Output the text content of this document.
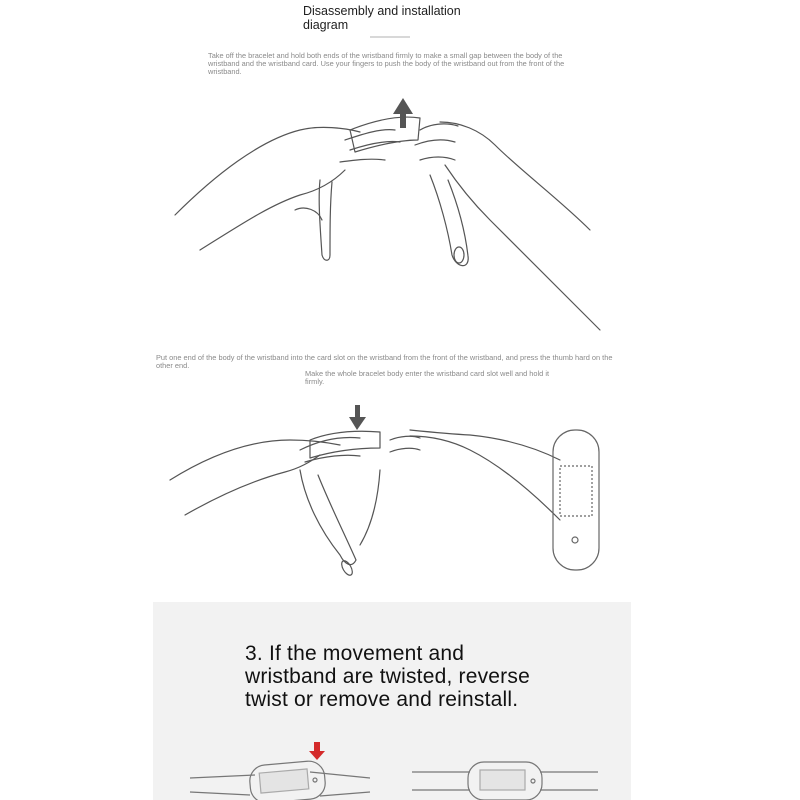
Disassembly and installation diagram
Take off the bracelet and hold both ends of the wristband firmly to make a small gap between the body of the wristband and the wristband card. Use your fingers to push the body of the wristband out from the front of the wristband.
Put one end of the body of the wristband into the card slot on the wristband from the front of the wristband, and press the thumb hard on the other end.
Make the whole bracelet body enter the wristband card slot well and hold it firmly.
3. If the movement and wristband are twisted, reverse twist or remove and reinstall.
